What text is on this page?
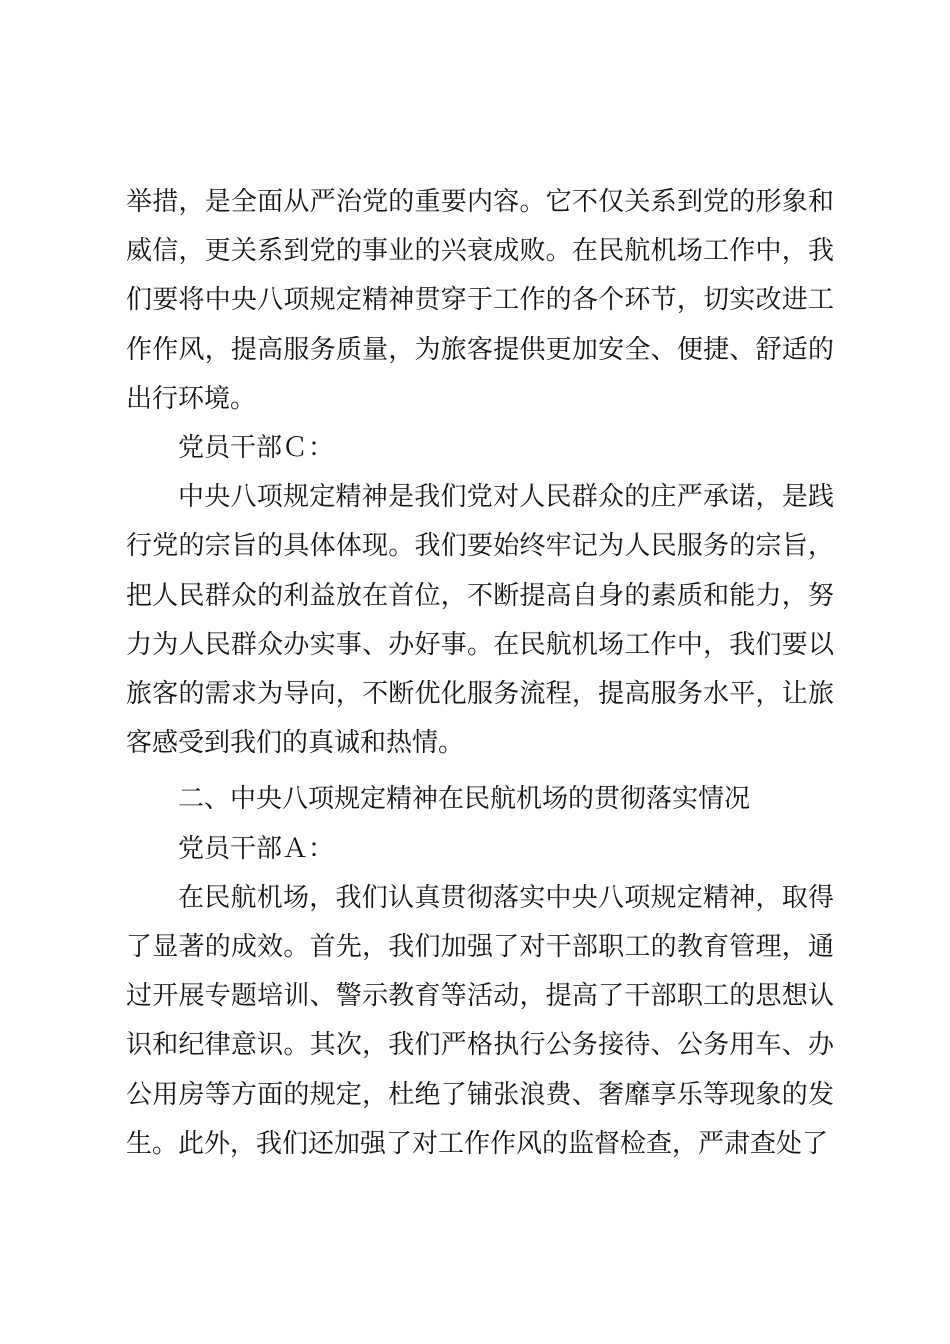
举措，是全面从严治党的重要内容。它不仅关系到党的形象和威信，更关系到党的事业的兴衰成败。在民航机场工作中，我们要将中央八项规定精神贯穿于工作的各个环节，切实改进工作作风，提高服务质量，为旅客提供更加安全、便捷、舒适的出行环境。

党员干部Ｃ：

中央八项规定精神是我们党对人民群众的庄严承诺，是践行党的宗旨的具体体现。我们要始终牢记为人民服务的宗旨，把人民群众的利益放在首位，不断提高自身的素质和能力，努力为人民群众办实事、办好事。在民航机场工作中，我们要以旅客的需求为导向，不断优化服务流程，提高服务水平，让旅客感受到我们的真诚和热情。

二、中央八项规定精神在民航机场的贯彻落实情况

党员干部Ａ：

在民航机场，我们认真贯彻落实中央八项规定精神，取得了显著的成效。首先，我们加强了对干部职工的教育管理，通过开展专题培训、警示教育等活动，提高了干部职工的思想认识和纪律意识。其次，我们严格执行公务接待、公务用车、办公用房等方面的规定，杜绝了铺张浪费、奢靡享乐等现象的发生。此外，我们还加强了对工作作风的监督检查，严肃查处了
